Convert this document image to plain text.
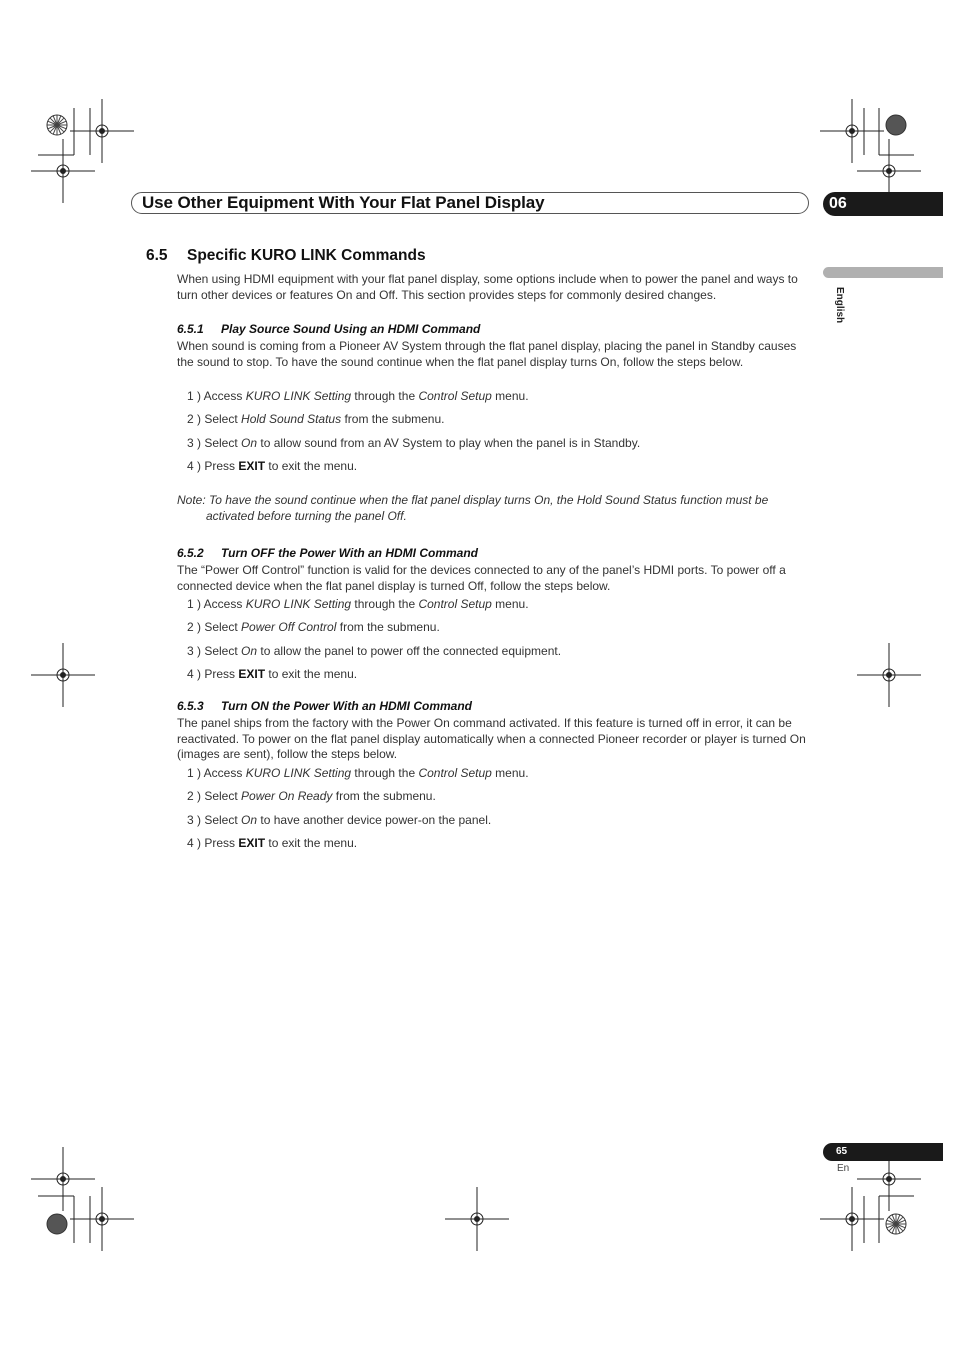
Use Other Equipment With Your Flat Panel Display	06
English
6.5 Specific KURO LINK Commands
When using HDMI equipment with your flat panel display, some options include when to power the panel and ways to turn other devices or features On and Off. This section provides steps for commonly desired changes.
6.5.1 Play Source Sound Using an HDMI Command
When sound is coming from a Pioneer AV System through the flat panel display, placing the panel in Standby causes the sound to stop. To have the sound continue when the flat panel display turns On, follow the steps below.
1 ) Access KURO LINK Setting through the Control Setup menu.
2 ) Select Hold Sound Status from the submenu.
3 ) Select On to allow sound from an AV System to play when the panel is in Standby.
4 ) Press EXIT to exit the menu.
Note: To have the sound continue when the flat panel display turns On, the Hold Sound Status function must be
activated before turning the panel Off.
6.5.2 Turn OFF the Power With an HDMI Command
The “Power Off Control” function is valid for the devices connected to any of the panel’s HDMI ports. To power off a connected device when the flat panel display is turned Off, follow the steps below.
1 ) Access KURO LINK Setting through the Control Setup menu.
2 ) Select Power Off Control from the submenu.
3 ) Select On to allow the panel to power off the connected equipment.
4 ) Press EXIT to exit the menu.
6.5.3 Turn ON the Power With an HDMI Command
The panel ships from the factory with the Power On command activated. If this feature is turned off in error, it can be reactivated. To power on the flat panel display automatically when a connected Pioneer recorder or player is turned On (images are sent), follow the steps below.
1 ) Access KURO LINK Setting through the Control Setup menu.
2 ) Select Power On Ready from the submenu.
3 ) Select On to have another device power-on the panel.
4 ) Press EXIT to exit the menu.
65
En
